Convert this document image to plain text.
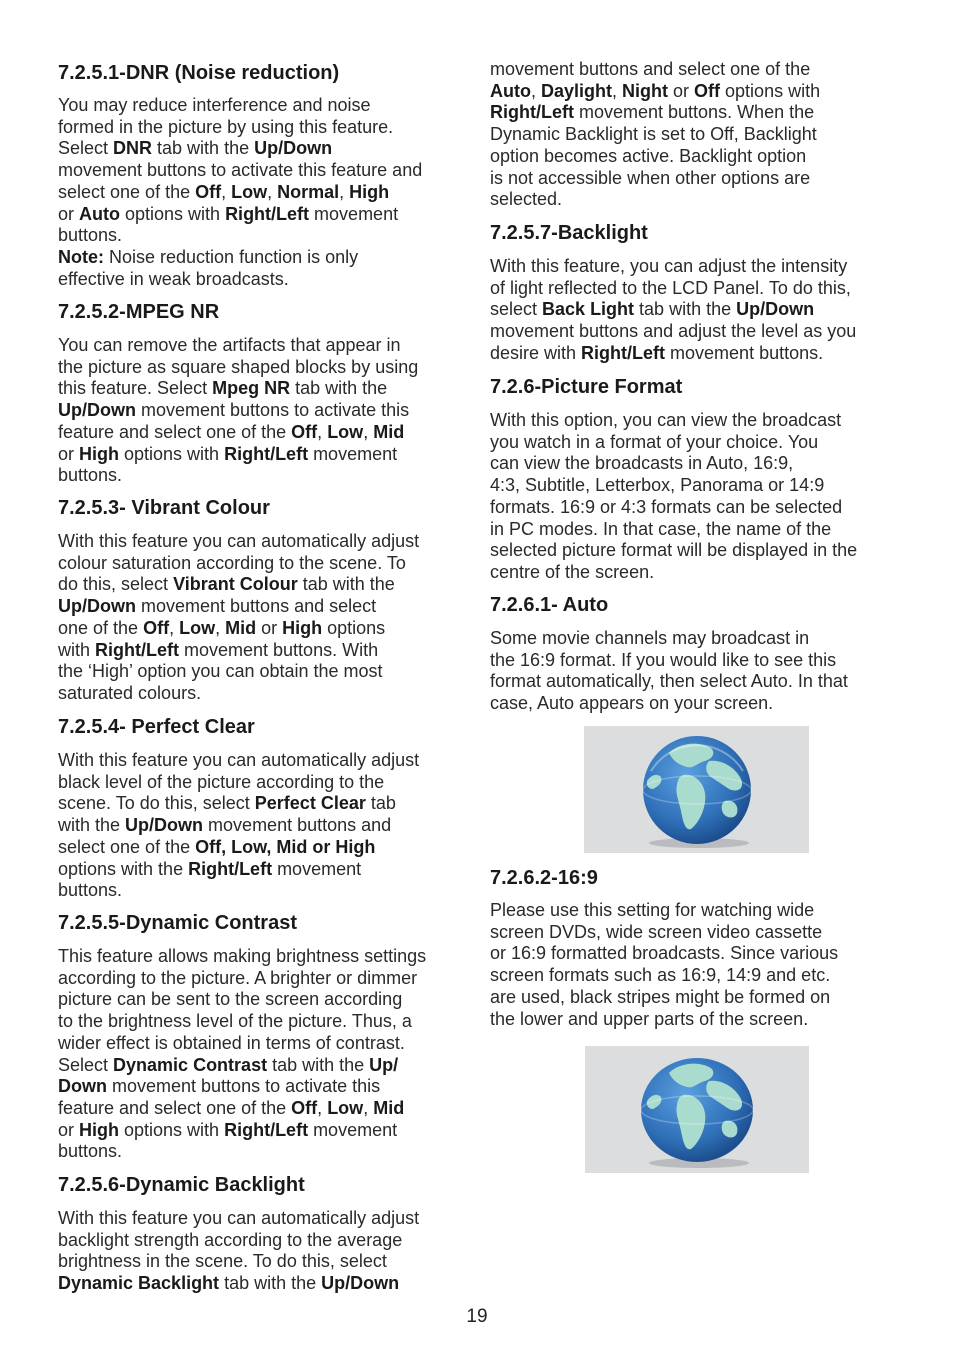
7.2.5.1-DNR (Noise reduction)
You may reduce interference and noise
formed in the picture by using this feature.
Select DNR tab with the Up/Down
movement buttons to activate this feature and
select one of the Off, Low, Normal, High
or Auto options with Right/Left movement
buttons.
Note: Noise reduction function is only
effective in weak broadcasts.
7.2.5.2-MPEG NR
You can remove the artifacts that appear in
the picture as square shaped blocks by using
this feature. Select Mpeg NR tab with the
Up/Down movement buttons to activate this
feature and select one of the Off, Low, Mid
or High options with Right/Left movement
buttons.
7.2.5.3- Vibrant Colour
With this feature you can automatically adjust
colour saturation according to the scene. To
do this, select Vibrant Colour tab with the
Up/Down movement buttons and select
one of the Off, Low, Mid or High options
with Right/Left movement buttons. With
the ‘High’ option you can obtain the most
saturated colours.
7.2.5.4- Perfect Clear
With this feature you can automatically adjust
black level of the picture according to the
scene. To do this, select Perfect Clear tab
with the Up/Down movement buttons and
select one of the Off, Low, Mid or High
options with the Right/Left movement
buttons.
7.2.5.5-Dynamic Contrast
This feature allows making brightness settings
according to the picture. A brighter or dimmer
picture can be sent to the screen according
to the brightness level of the picture. Thus, a
wider effect is obtained in terms of contrast.
Select Dynamic Contrast tab with the Up/
Down movement buttons to activate this
feature and select one of the Off, Low, Mid
or High options with Right/Left movement
buttons.
7.2.5.6-Dynamic Backlight
With this feature you can automatically adjust
backlight strength according to the average
brightness in the scene. To do this, select
Dynamic Backlight tab with the Up/Down
movement buttons and select one of the
Auto, Daylight, Night or Off options with
Right/Left movement buttons. When the
Dynamic Backlight is set to Off, Backlight
option becomes active. Backlight option
is not accessible when other options are
selected.
7.2.5.7-Backlight
With this feature, you can adjust the intensity
of light reflected to the LCD Panel. To do this,
select Back Light tab with the Up/Down
movement buttons and adjust the level as you
desire with Right/Left movement buttons.
7.2.6-Picture Format
With this option, you can view the broadcast
you watch in a format of your choice. You
can view the broadcasts in Auto, 16:9,
4:3, Subtitle, Letterbox, Panorama or 14:9
formats. 16:9 or 4:3 formats can be selected
in PC modes. In that case, the name of the
selected picture format will be displayed in the
centre of the screen.
7.2.6.1- Auto
Some movie channels may broadcast in
the 16:9 format. If you would like to see this
format automatically, then select Auto. In that
case, Auto appears on your screen.
7.2.6.2-16:9
Please use this setting for watching wide
screen DVDs, wide screen video cassette
or 16:9 formatted broadcasts. Since various
screen formats such as 16:9, 14:9 and etc.
are used, black stripes might be formed on
the lower and upper parts of the screen.
19
